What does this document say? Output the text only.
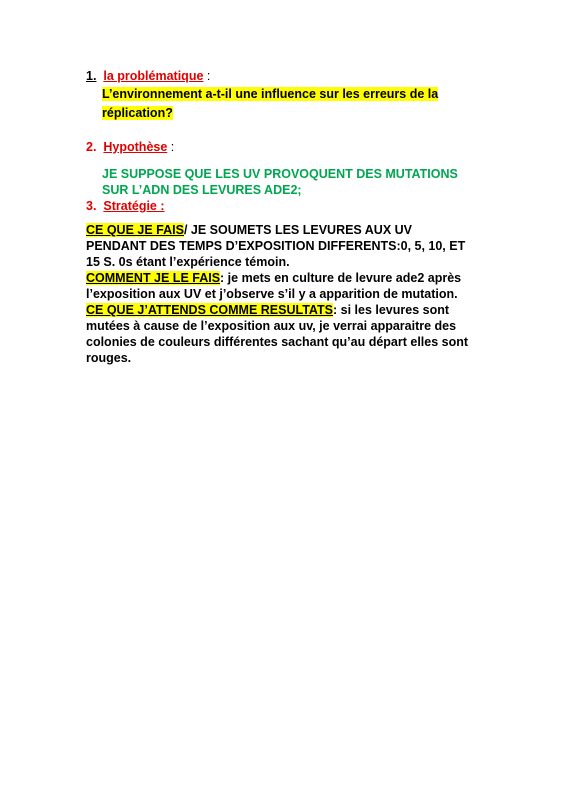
1. la problématique :
L’environnement a-t-il une influence sur les erreurs de la
réplication?
2. Hypothèse :
JE SUPPOSE QUE LES UV PROVOQUENT DES MUTATIONS
SUR L’ADN DES LEVURES ADE2;
3. Stratégie :
CE QUE JE FAIS/ JE SOUMETS LES LEVURES AUX UV
PENDANT DES TEMPS D’EXPOSITION DIFFERENTS:0, 5, 10, ET
15 S. 0s étant l’expérience témoin.
COMMENT JE LE FAIS: je mets en culture de levure ade2 après
l’exposition aux UV et j’observe s’il y a apparition de mutation.
CE QUE J’ATTENDS COMME RESULTATS: si les levures sont
mutées à cause de l’exposition aux uv, je verrai apparaitre des
colonies de couleurs différentes sachant qu’au départ elles sont
rouges.
